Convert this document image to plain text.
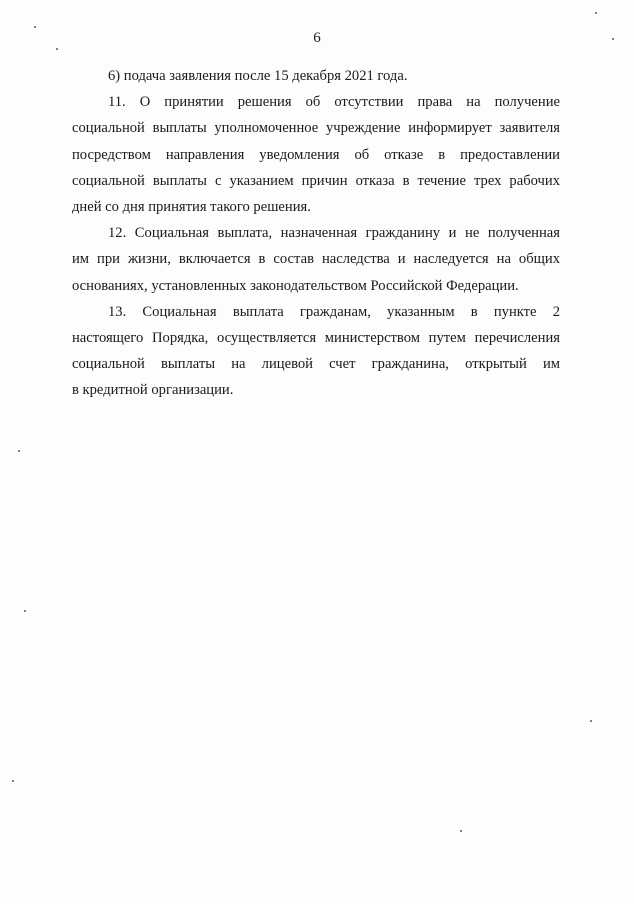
6

6) подача заявления после 15 декабря 2021 года.

11. О принятии решения об отсутствии права на получение
социальной выплаты уполномоченное учреждение информирует заявителя
посредством направления уведомления об отказе в предоставлении
социальной выплаты с указанием причин отказа в течение трех рабочих
дней со дня принятия такого решения.

12. Социальная выплата, назначенная гражданину и не полученная
им при жизни, включается в состав наследства и наследуется на общих
основаниях, установленных законодательством Российской Федерации.

13. Социальная выплата гражданам, указанным в пункте 2
настоящего Порядка, осуществляется министерством путем перечисления
социальной выплаты на лицевой счет гражданина, открытый им
в кредитной организации.
